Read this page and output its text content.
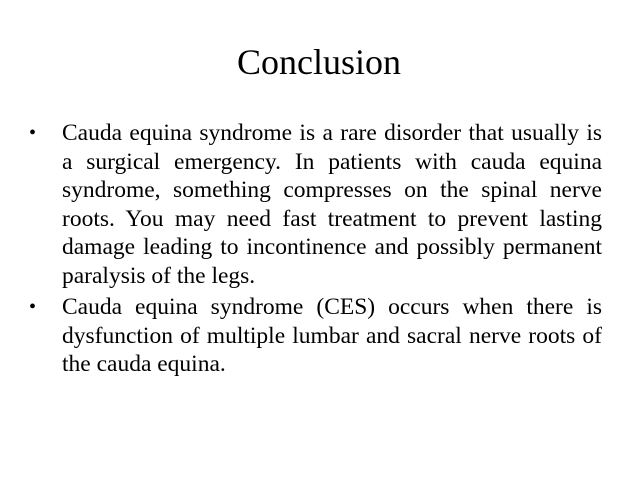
Conclusion
• Cauda equina syndrome is a rare disorder that usually is a surgical emergency. In patients with cauda equina syndrome, something compresses on the spinal nerve roots. You may need fast treatment to prevent lasting damage leading to incontinence and possibly permanent paralysis of the legs.
• Cauda equina syndrome (CES) occurs when there is dysfunction of multiple lumbar and sacral nerve roots of the cauda equina.
